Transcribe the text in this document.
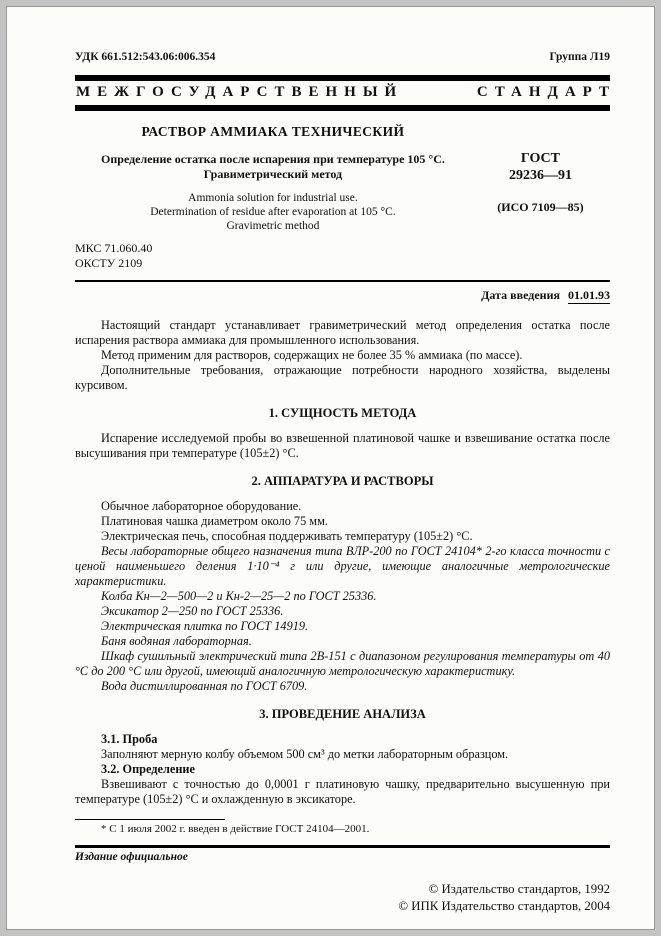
УДК 661.512:543.06:006.354	Группа Л19
МЕЖГОСУДАРСТВЕННЫЙ	СТАНДАРТ
РАСТВОР АММИАКА ТЕХНИЧЕСКИЙ
Определение остатка после испарения при температуре 105 °С.
Гравиметрический метод
Ammonia solution for industrial use.
Determination of residue after evaporation at 105 °С.
Gravimetric method
ГОСТ
29236—91
(ИСО 7109—85)
МКС 71.060.40
ОКСТУ 2109
Дата введения 01.01.93

Настоящий стандарт устанавливает гравиметрический метод определения остатка после испарения раствора аммиака для промышленного использования.

Метод применим для растворов, содержащих не более 35 % аммиака (по массе).

Дополнительные требования, отражающие потребности народного хозяйства, выделены курсивом.

1. СУЩНОСТЬ МЕТОДА

Испарение исследуемой пробы во взвешенной платиновой чашке и взвешивание остатка после высушивания при температуре (105±2) °С.

2. АППАРАТУРА И РАСТВОРЫ

Обычное лабораторное оборудование.

Платиновая чашка диаметром около 75 мм.

Электрическая печь, способная поддерживать температуру (105±2) °С.

Весы лабораторные общего назначения типа ВЛР-200 по ГОСТ 24104* 2-го класса точности с ценой наименьшего деления 1·10⁻⁴ г или другие, имеющие аналогичные метрологические характеристики.

Колба Кн—2—500—2 и Кн-2—25—2 по ГОСТ 25336.

Эксикатор 2—250 по ГОСТ 25336.

Электрическая плитка по ГОСТ 14919.

Баня водяная лабораторная.

Шкаф сушильный электрический типа 2В-151 с диапазоном регулирования температуры от 40 °С до 200 °С или другой, имеющий аналогичную метрологическую характеристику.

Вода дистиллированная по ГОСТ 6709.

3. ПРОВЕДЕНИЕ АНАЛИЗА

3.1. Проба

Заполняют мерную колбу объемом 500 см³ до метки лабораторным образцом.

3.2. Определение

Взвешивают с точностью до 0,0001 г платиновую чашку, предварительно высушенную при температуре (105±2) °С и охлажденную в эксикаторе.

* С 1 июля 2002 г. введен в действие ГОСТ 24104—2001.

Издание официальное
© Издательство стандартов, 1992
© ИПК Издательство стандартов, 2004
